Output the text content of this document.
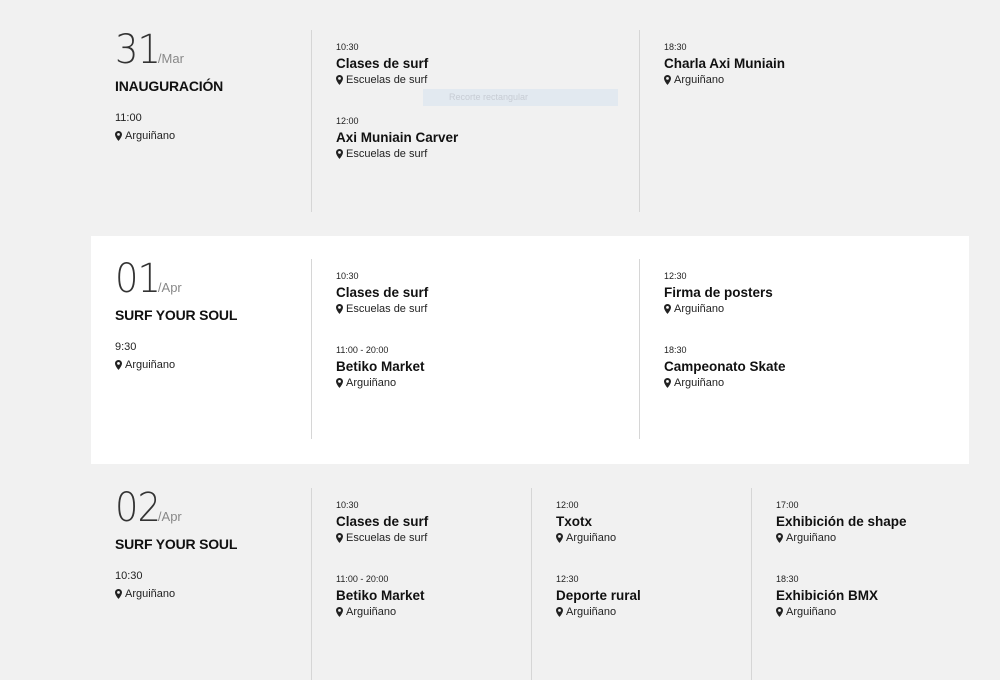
31/Mar
INAUGURACIÓN
11:00
Arguiñano
10:30
Clases de surf
Escuelas de surf
12:00
Axi Muniain Carver
Escuelas de surf
18:30
Charla Axi Muniain
Arguiñano
01/Apr
SURF YOUR SOUL
9:30
Arguiñano
10:30
Clases de surf
Escuelas de surf
11:00 - 20:00
Betiko Market
Arguiñano
12:30
Firma de posters
Arguiñano
18:30
Campeonato Skate
Arguiñano
02/Apr
SURF YOUR SOUL
10:30
Arguiñano
10:30
Clases de surf
Escuelas de surf
11:00 - 20:00
Betiko Market
Arguiñano
12:00
Txotx
Arguiñano
12:30
Deporte rural
Arguiñano
17:00
Exhibición de shape
Arguiñano
18:30
Exhibición BMX
Arguiñano
Recorte rectangular
